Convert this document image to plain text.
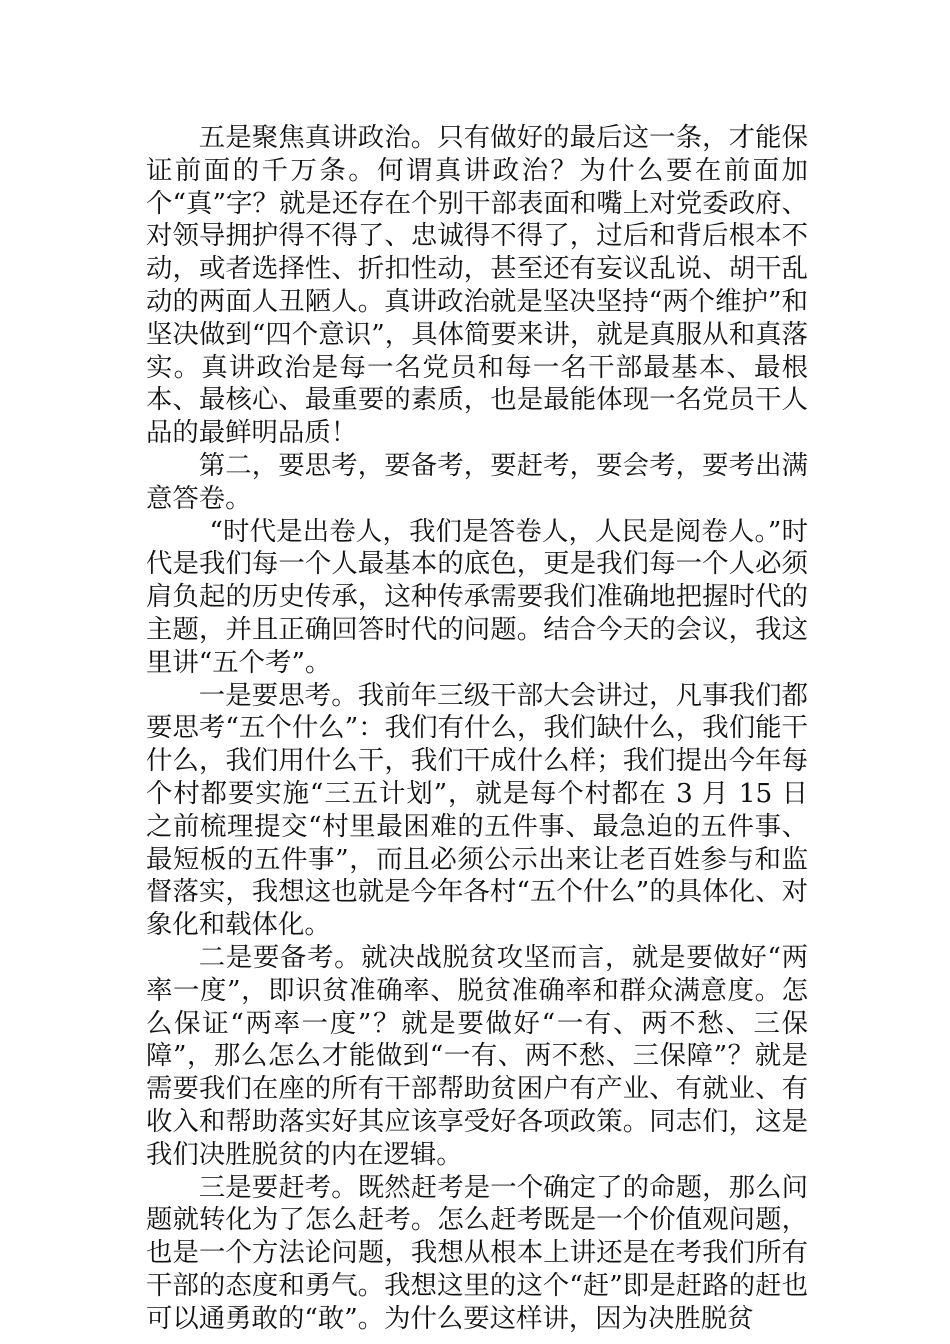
五是聚焦真讲政治。只有做好的最后这一条，才能保证前面的千万条。何谓真讲政治？为什么要在前面加个“真”字？就是还存在个别干部表面和嘴上对党委政府、对领导拥护得不得了、忠诚得不得了，过后和背后根本不动，或者选择性、折扣性动，甚至还有妄议乱说、胡干乱动的两面人丑陋人。真讲政治就是坚决坚持“两个维护”和坚决做到“四个意识”，具体简要来讲，就是真服从和真落实。真讲政治是每一名党员和每一名干部最基本、最根本、最核心、最重要的素质，也是最能体现一名党员干人品的最鲜明品质！

第二，要思考，要备考，要赶考，要会考，要考出满意答卷。

“时代是出卷人，我们是答卷人，人民是阅卷人。”时代是我们每一个人最基本的底色，更是我们每一个人必须肩负起的历史传承，这种传承需要我们准确地把握时代的主题，并且正确回答时代的问题。结合今天的会议，我这里讲“五个考”。

一是要思考。我前年三级干部大会讲过，凡事我们都要思考“五个什么”：我们有什么，我们缺什么，我们能干什么，我们用什么干，我们干成什么样；我们提出今年每个村都要实施“三五计划”，就是每个村都在 3 月 15 日之前梳理提交“村里最困难的五件事、最急迫的五件事、最短板的五件事”，而且必须公示出来让老百姓参与和监督落实，我想这也就是今年各村“五个什么”的具体化、对象化和载体化。

二是要备考。就决战脱贫攻坚而言，就是要做好“两率一度”，即识贫准确率、脱贫准确率和群众满意度。怎么保证“两率一度”？就是要做好“一有、两不愁、三保障”，那么怎么才能做到“一有、两不愁、三保障”？就是需要我们在座的所有干部帮助贫困户有产业、有就业、有收入和帮助落实好其应该享受好各项政策。同志们，这是我们决胜脱贫的内在逻辑。

三是要赶考。既然赶考是一个确定了的命题，那么问题就转化为了怎么赶考。怎么赶考既是一个价值观问题，也是一个方法论问题，我想从根本上讲还是在考我们所有干部的态度和勇气。我想这里的这个“赶”即是赶路的赶也可以通勇敢的“敢”。为什么要这样讲，因为决胜脱贫
